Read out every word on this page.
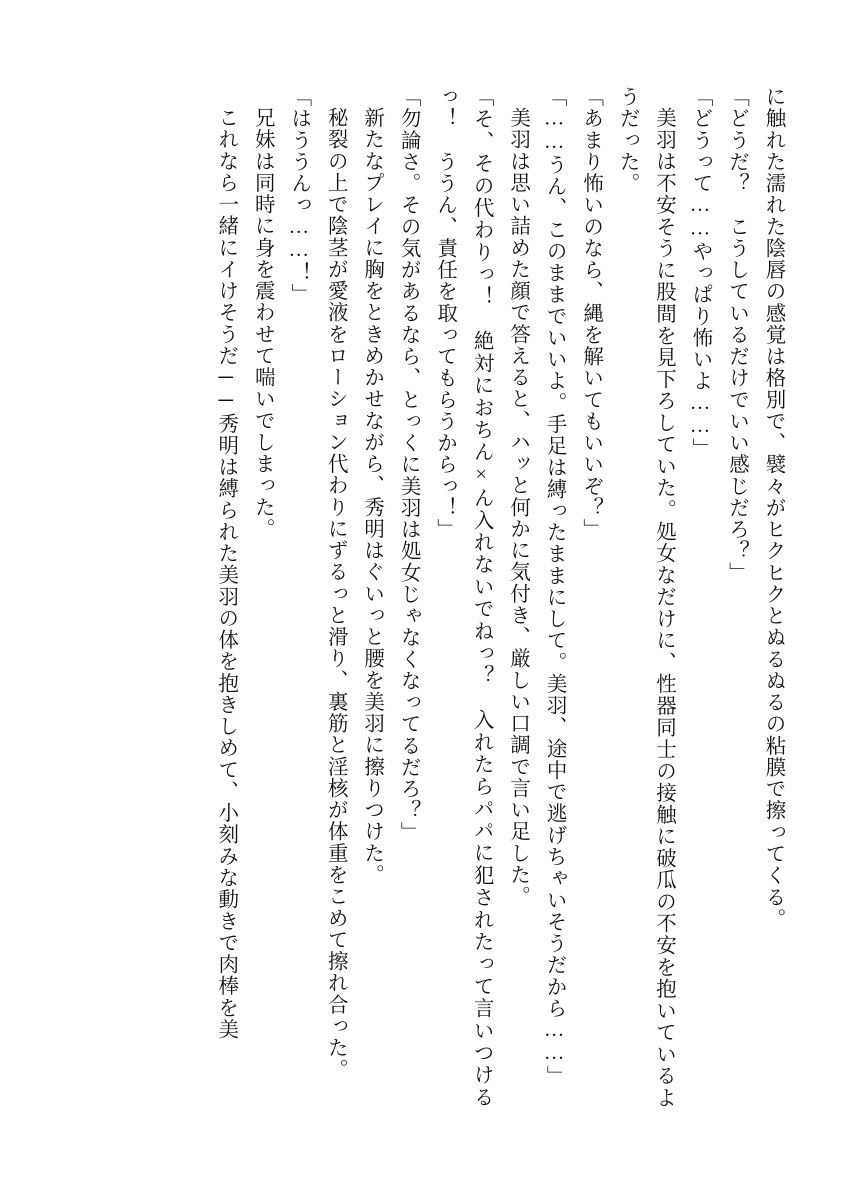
に触れた濡れた陰唇の感覚は格別で、襞々がヒクヒクとぬるぬるの粘膜で擦ってくる。

「どうだ？　こうしているだけでいい感じだろ？」

「どうって……やっぱり怖いよ……」

美羽は不安そうに股間を見下ろしていた。処女なだけに、性器同士の接触に破瓜の不安を抱いているようだった。

「あまり怖いのなら、縄を解いてもいいぞ？」

「……うん、このままでいいよ。手足は縛ったままにして。美羽、途中で逃げちゃいそうだから……」

美羽は思い詰めた顔で答えると、ハッと何かに気付き、厳しい口調で言い足した。

「そ、その代わりっ！　絶対におちん×ん入れないでねっ？　入れたらパパに犯されたって言いつけるっ！　ううん、責任を取ってもらうからっ！」

「勿論さ。その気があるなら、とっくに美羽は処女じゃなくなってるだろ？」

新たなプレイに胸をときめかせながら、秀明はぐいっと腰を美羽に擦りつけた。

秘裂の上で陰茎が愛液をローション代わりにずるっと滑り、裏筋と淫核が体重をこめて擦れ合った。

「はううんっ……！」

兄妹は同時に身を震わせて喘いでしまった。

これなら一緒にイけそうだ──秀明は縛られた美羽の体を抱きしめて、小刻みな動きで肉棒を美
